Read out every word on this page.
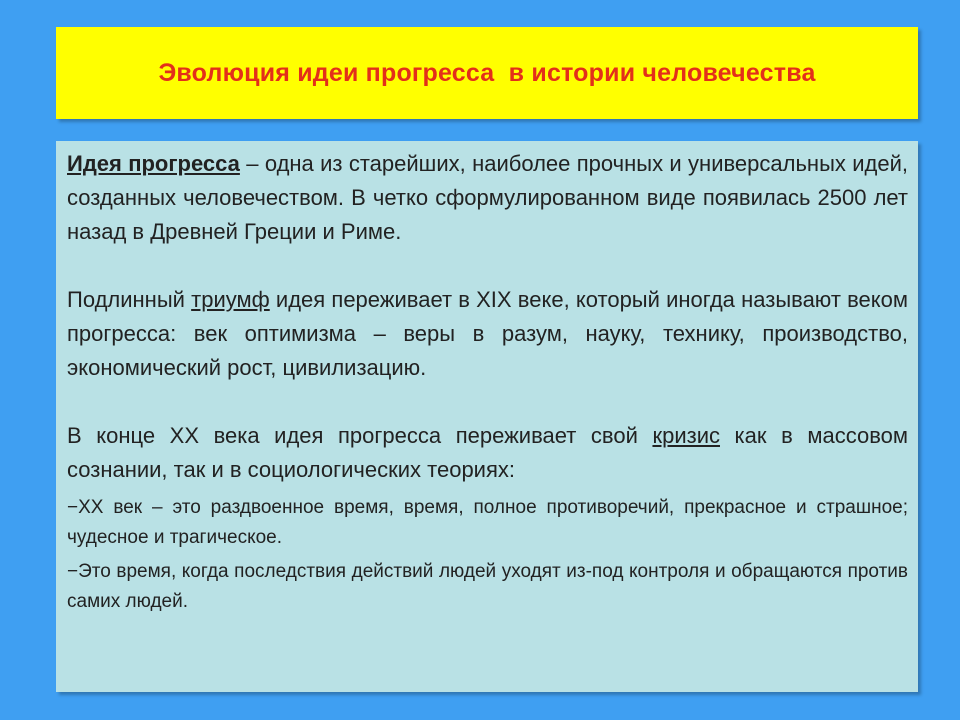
Эволюция идеи прогресса  в истории человечества

Идея прогресса – одна из старейших, наиболее прочных и универсальных идей, созданных человечеством. В четко сформулированном виде появилась 2500 лет назад в Древней Греции и Риме.

Подлинный триумф идея переживает в XIX веке, который иногда называют веком прогресса: век оптимизма – веры в разум, науку, технику, производство, экономический рост, цивилизацию.

В конце XX века идея прогресса переживает свой кризис как в массовом сознании, так и в социологических теориях:

−XX век – это раздвоенное время, время, полное противоречий, прекрасное и страшное; чудесное и трагическое.

−Это время, когда последствия действий людей уходят из-под контроля и обращаются против самих людей.
